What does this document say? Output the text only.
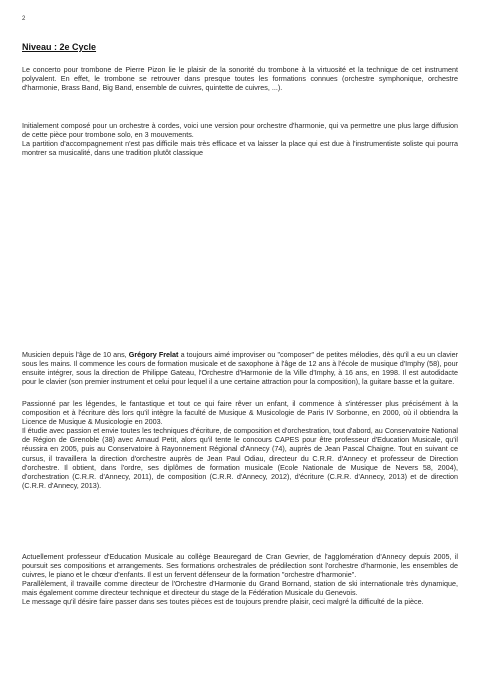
2
Niveau : 2e Cycle

Le concerto pour trombone de Pierre Pizon lie le plaisir de la sonorité du trombone à la virtuosité et la technique de cet instrument polyvalent. En effet, le trombone se retrouver dans presque toutes les formations connues (orchestre symphonique, orchestre d'harmonie, Brass Band, Big Band, ensemble de cuivres, quintette de cuivres, ...).

Initialement composé pour un orchestre à cordes, voici une version pour orchestre d'harmonie, qui va permettre une plus large diffusion de cette pièce pour trombone solo, en 3 mouvements.

La partition d'accompagnement n'est pas difficile mais très efficace et va laisser la place qui est due à l'instrumentiste soliste qui pourra montrer sa musicalité, dans une tradition plutôt classique

Musicien depuis l'âge de 10 ans, Grégory Frelat a toujours aimé improviser ou "composer" de petites mélodies, dès qu'il a eu un clavier sous les mains. Il commence les cours de formation musicale et de saxophone à l'âge de 12 ans à l'école de musique d'Imphy (58), pour ensuite intégrer, sous la direction de Philippe Gateau, l'Orchestre d'Harmonie de la Ville d'Imphy, à 16 ans, en 1998. Il est autodidacte pour le clavier (son premier instrument et celui pour lequel il a une certaine attraction pour la composition), la guitare basse et la guitare.

Passionné par les légendes, le fantastique et tout ce qui faire rêver un enfant, il commence à s'intéresser plus précisément à la composition et à l'écriture dès lors qu'il intègre la faculté de Musique & Musicologie de Paris IV Sorbonne, en 2000, où il obtiendra la Licence de Musique & Musicologie en 2003.

Il étudie avec passion et envie toutes les techniques d'écriture, de composition et d'orchestration, tout d'abord, au Conservatoire National de Région de Grenoble (38) avec Arnaud Petit, alors qu'il tente le concours CAPES pour être professeur d'Education Musicale, qu'il réussira en 2005, puis au Conservatoire à Rayonnement Régional d'Annecy (74), auprès de Jean Pascal Chaigne. Tout en suivant ce cursus, il travaillera la direction d'orchestre auprès de Jean Paul Odiau, directeur du C.R.R. d'Annecy et professeur de Direction d'orchestre. Il obtient, dans l'ordre, ses diplômes de formation musicale (Ecole Nationale de Musique de Nevers 58, 2004), d'orchestration (C.R.R. d'Annecy, 2011), de composition (C.R.R. d'Annecy, 2012), d'écriture (C.R.R. d'Annecy, 2013) et de direction (C.R.R. d'Annecy, 2013).

Actuellement professeur d'Education Musicale au collège Beauregard de Cran Gevrier, de l'agglomération d'Annecy depuis 2005, il poursuit ses compositions et arrangements. Ses formations orchestrales de prédilection sont l'orchestre d'harmonie, les ensembles de cuivres, le piano et le chœur d'enfants. Il est un fervent défenseur de la formation "orchestre d'harmonie".

Parallèlement, il travaille comme directeur de l'Orchestre d'Harmonie du Grand Bornand, station de ski internationale très dynamique, mais également comme directeur technique et directeur du stage de la Fédération Musicale du Genevois.

Le message qu'il désire faire passer dans ses toutes pièces est de toujours prendre plaisir, ceci malgré la difficulté de la pièce.
